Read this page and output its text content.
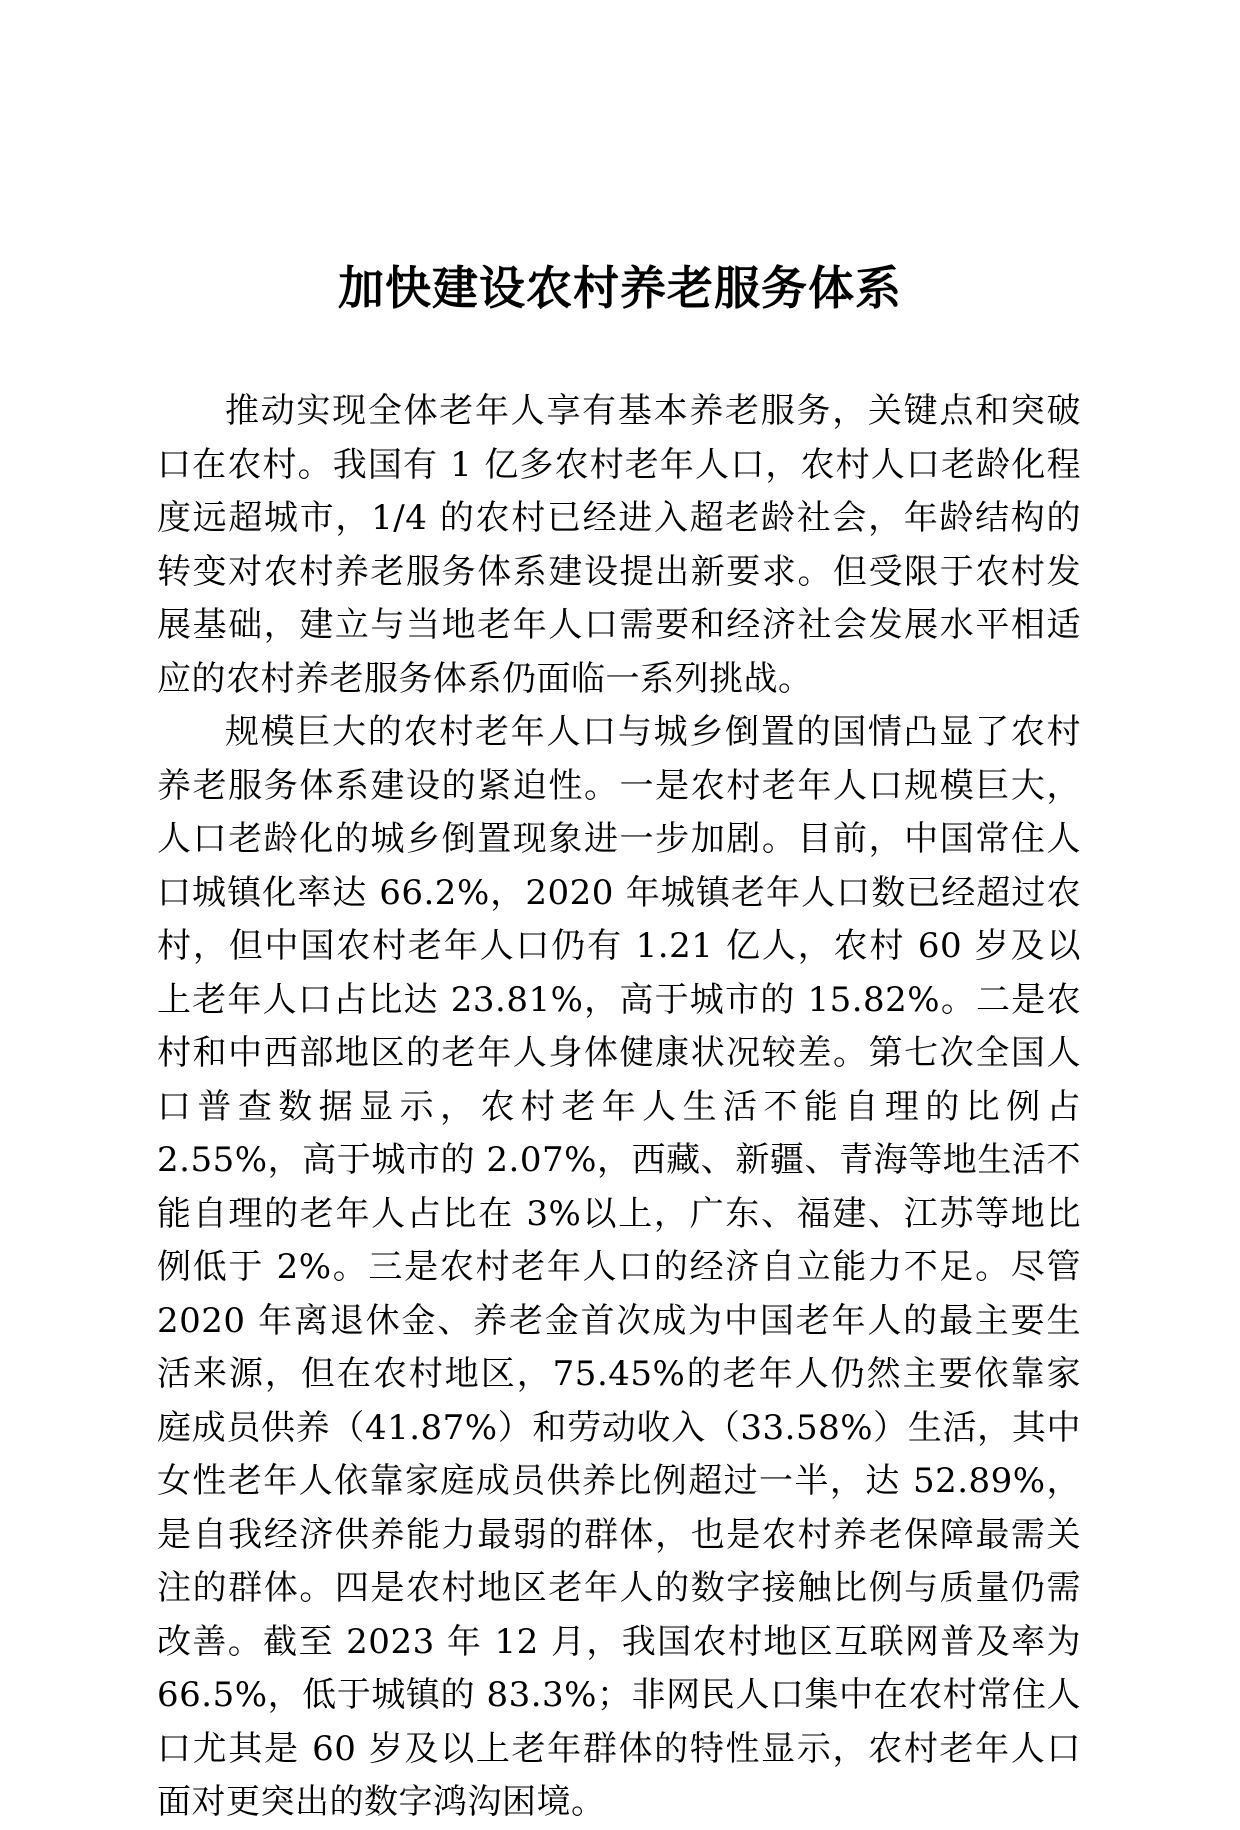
加快建设农村养老服务体系

推动实现全体老年人享有基本养老服务，关键点和突破口在农村。我国有 1 亿多农村老年人口，农村人口老龄化程度远超城市，1/4 的农村已经进入超老龄社会，年龄结构的转变对农村养老服务体系建设提出新要求。但受限于农村发展基础，建立与当地老年人口需要和经济社会发展水平相适应的农村养老服务体系仍面临一系列挑战。

规模巨大的农村老年人口与城乡倒置的国情凸显了农村养老服务体系建设的紧迫性。一是农村老年人口规模巨大，人口老龄化的城乡倒置现象进一步加剧。目前，中国常住人口城镇化率达 66.2%，2020 年城镇老年人口数已经超过农村，但中国农村老年人口仍有 1.21 亿人，农村 60 岁及以上老年人口占比达 23.81%，高于城市的 15.82%。二是农村和中西部地区的老年人身体健康状况较差。第七次全国人口普查数据显示，农村老年人生活不能自理的比例占 2.55%，高于城市的 2.07%，西藏、新疆、青海等地生活不能自理的老年人占比在 3%以上，广东、福建、江苏等地比例低于 2%。三是农村老年人口的经济自立能力不足。尽管 2020 年离退休金、养老金首次成为中国老年人的最主要生活来源，但在农村地区，75.45%的老年人仍然主要依靠家庭成员供养（41.87%）和劳动收入（33.58%）生活，其中女性老年人依靠家庭成员供养比例超过一半，达 52.89%，是自我经济供养能力最弱的群体，也是农村养老保障最需关注的群体。四是农村地区老年人的数字接触比例与质量仍需改善。截至 2023 年 12 月，我国农村地区互联网普及率为 66.5%，低于城镇的 83.3%；非网民人口集中在农村常住人口尤其是 60 岁及以上老年群体的特性显示，农村老年人口面对更突出的数字鸿沟困境。
